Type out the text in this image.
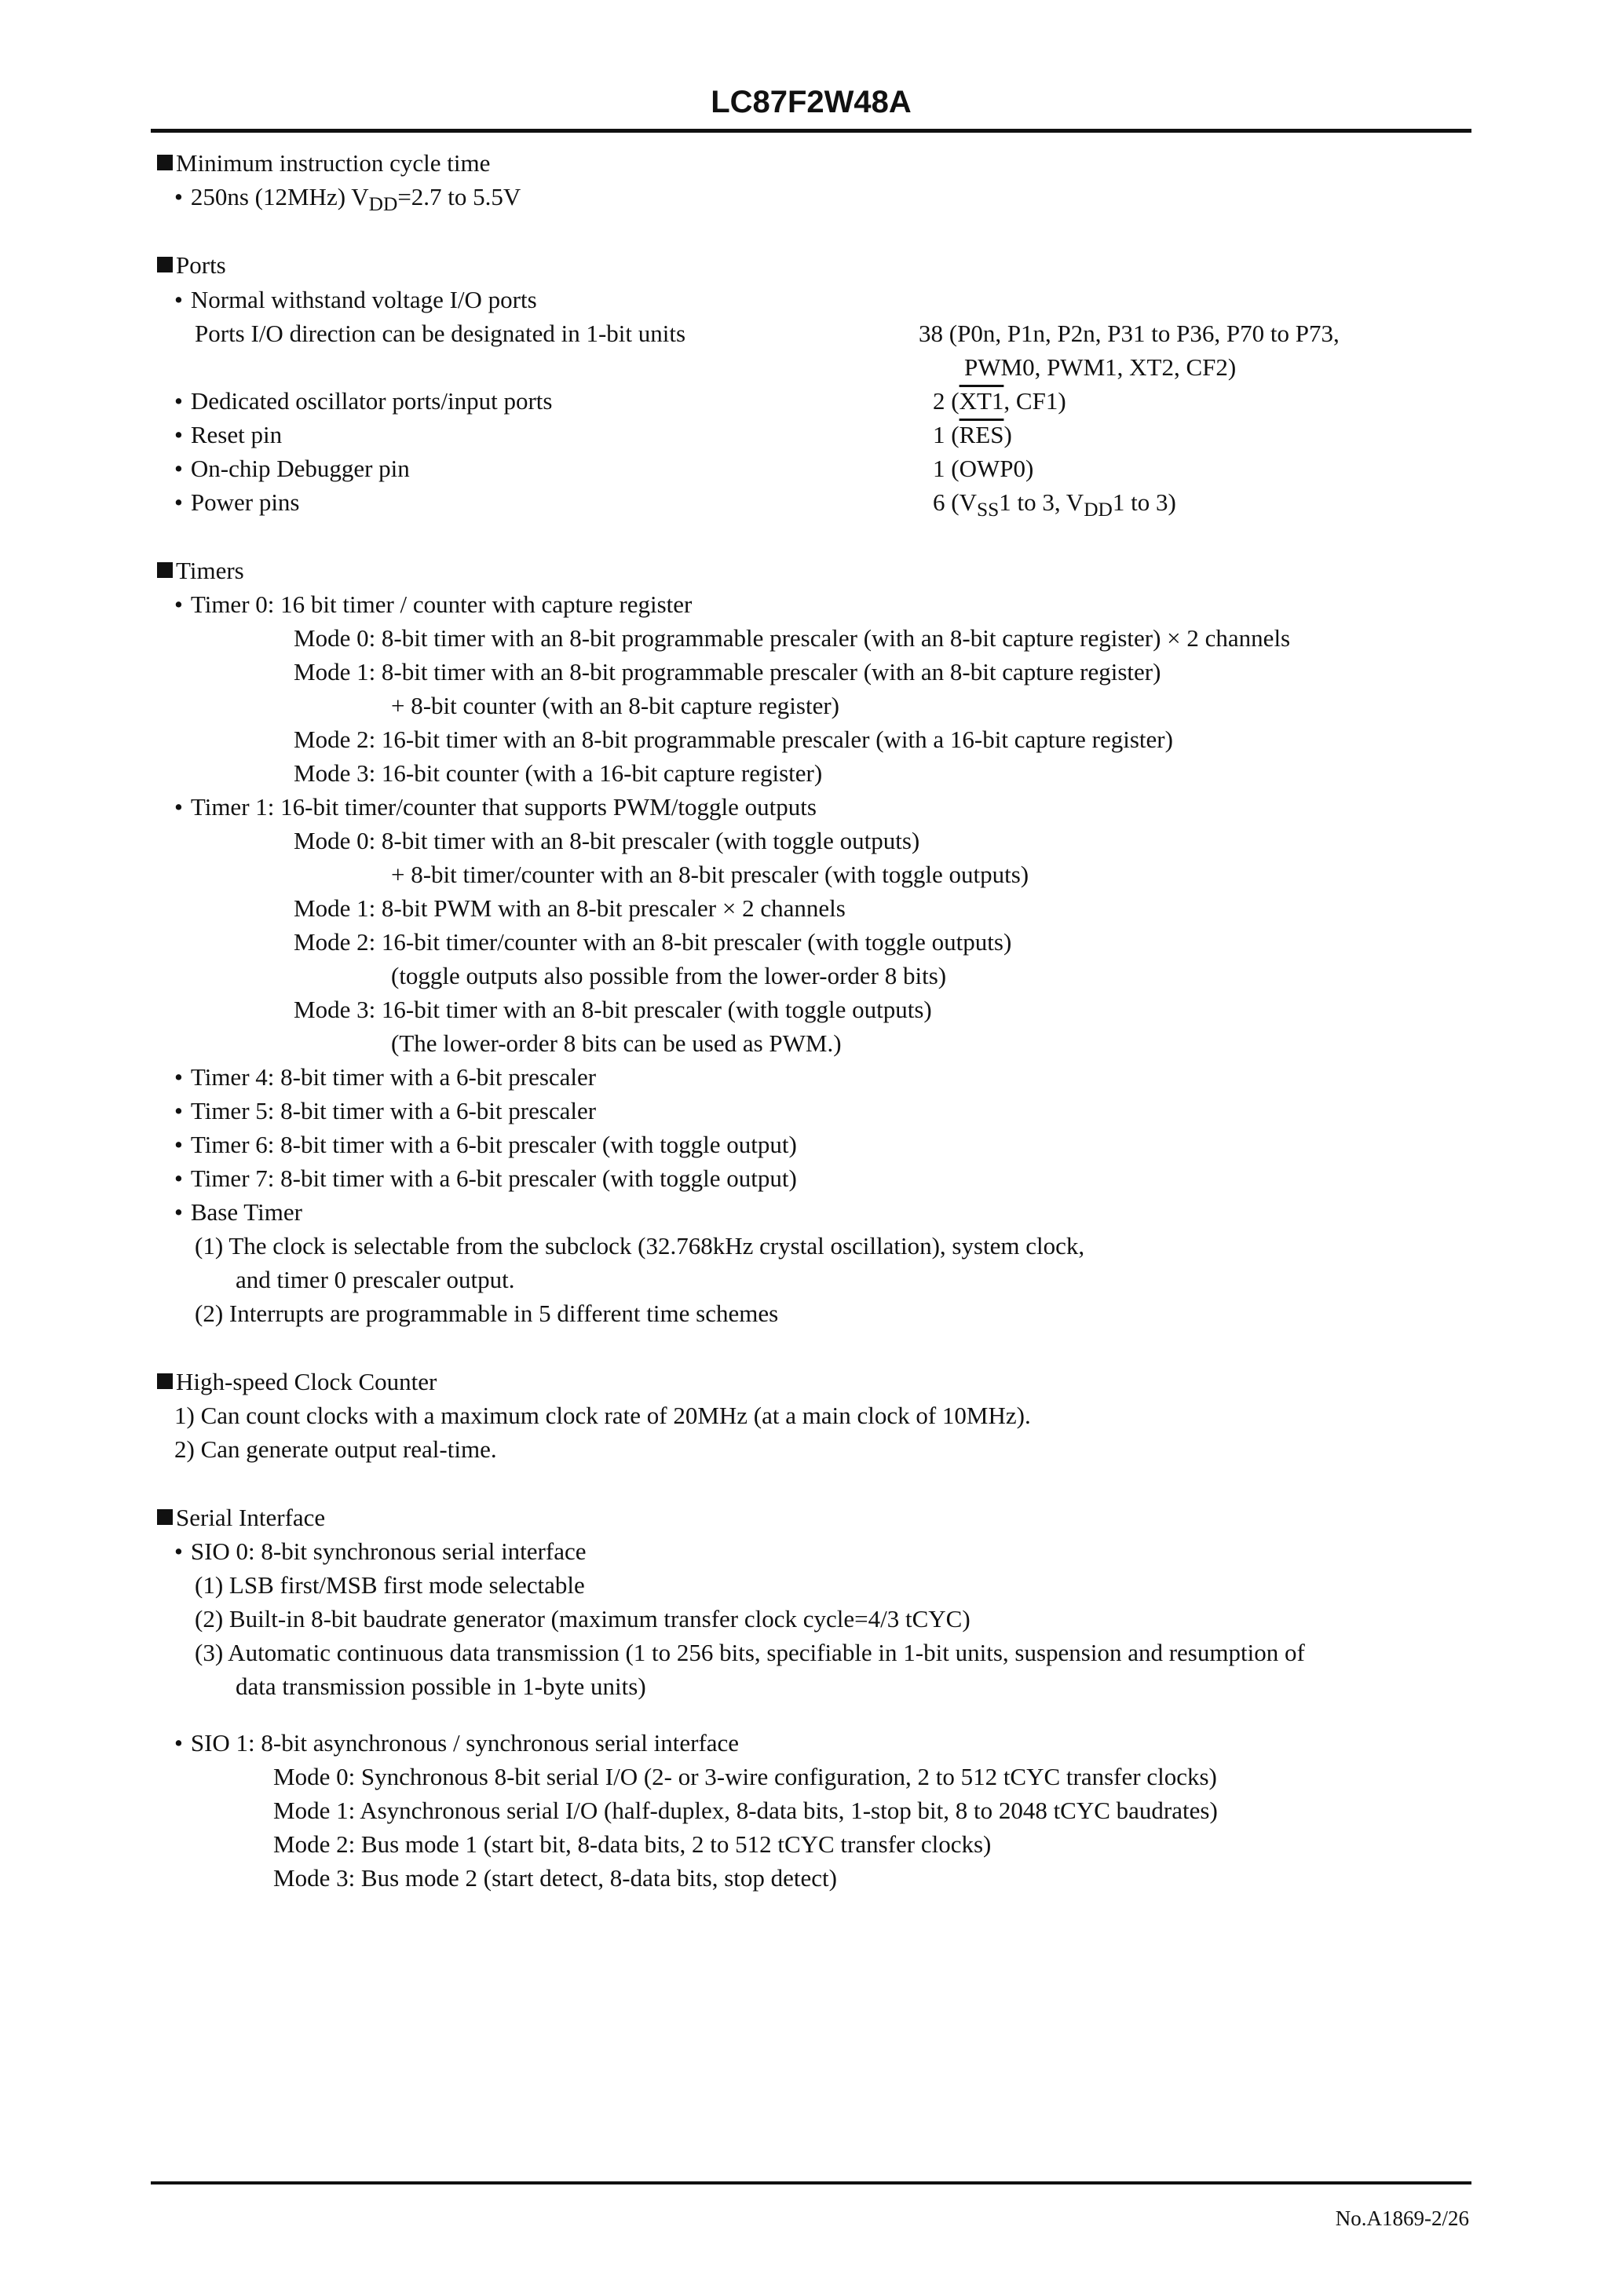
LC87F2W48A
Minimum instruction cycle time
• 250ns (12MHz) $V_{DD}=2.7$ to 5.5V
Ports
• Normal withstand voltage I/O ports
Ports I/O direction can be designated in 1-bit units	38 (P0n, P1n, P2n, P31 to P36, P70 to P73,
PWM0, PWM1, XT2, CF2)
• Dedicated oscillator ports/input ports	2 (XT1, CF1)
• Reset pin	1 $(\overline{RES})$
• On-chip Debugger pin	1 (OWP0)
• Power pins	6 ($V_{SS}1$ to 3, $V_{DD}1$ to 3)
Timers
• Timer 0: 16 bit timer / counter with capture register
Mode 0: 8-bit timer with an 8-bit programmable prescaler (with an 8-bit capture register) × 2 channels
Mode 1: 8-bit timer with an 8-bit programmable prescaler (with an 8-bit capture register)
+ 8-bit counter (with an 8-bit capture register)
Mode 2: 16-bit timer with an 8-bit programmable prescaler (with a 16-bit capture register)
Mode 3: 16-bit counter (with a 16-bit capture register)
• Timer 1: 16-bit timer/counter that supports PWM/toggle outputs
Mode 0: 8-bit timer with an 8-bit prescaler (with toggle outputs)
+ 8-bit timer/counter with an 8-bit prescaler (with toggle outputs)
Mode 1: 8-bit PWM with an 8-bit prescaler × 2 channels
Mode 2: 16-bit timer/counter with an 8-bit prescaler (with toggle outputs)
(toggle outputs also possible from the lower-order 8 bits)
Mode 3: 16-bit timer with an 8-bit prescaler (with toggle outputs)
(The lower-order 8 bits can be used as PWM.)
• Timer 4: 8-bit timer with a 6-bit prescaler
• Timer 5: 8-bit timer with a 6-bit prescaler
• Timer 6: 8-bit timer with a 6-bit prescaler (with toggle output)
• Timer 7: 8-bit timer with a 6-bit prescaler (with toggle output)
• Base Timer
(1) The clock is selectable from the subclock (32.768kHz crystal oscillation), system clock,
and timer 0 prescaler output.
(2) Interrupts are programmable in 5 different time schemes
High-speed Clock Counter
1) Can count clocks with a maximum clock rate of 20MHz (at a main clock of 10MHz).
2) Can generate output real-time.
Serial Interface
• SIO 0: 8-bit synchronous serial interface
(1) LSB first/MSB first mode selectable
(2) Built-in 8-bit baudrate generator (maximum transfer clock cycle=4/3 tCYC)
(3) Automatic continuous data transmission (1 to 256 bits, specifiable in 1-bit units, suspension and resumption of
data transmission possible in 1-byte units)
• SIO 1: 8-bit asynchronous / synchronous serial interface
Mode 0: Synchronous 8-bit serial I/O (2- or 3-wire configuration, 2 to 512 tCYC transfer clocks)
Mode 1: Asynchronous serial I/O (half-duplex, 8-data bits, 1-stop bit, 8 to 2048 tCYC baudrates)
Mode 2: Bus mode 1 (start bit, 8-data bits, 2 to 512 tCYC transfer clocks)
Mode 3: Bus mode 2 (start detect, 8-data bits, stop detect)
No.A1869-2/26
